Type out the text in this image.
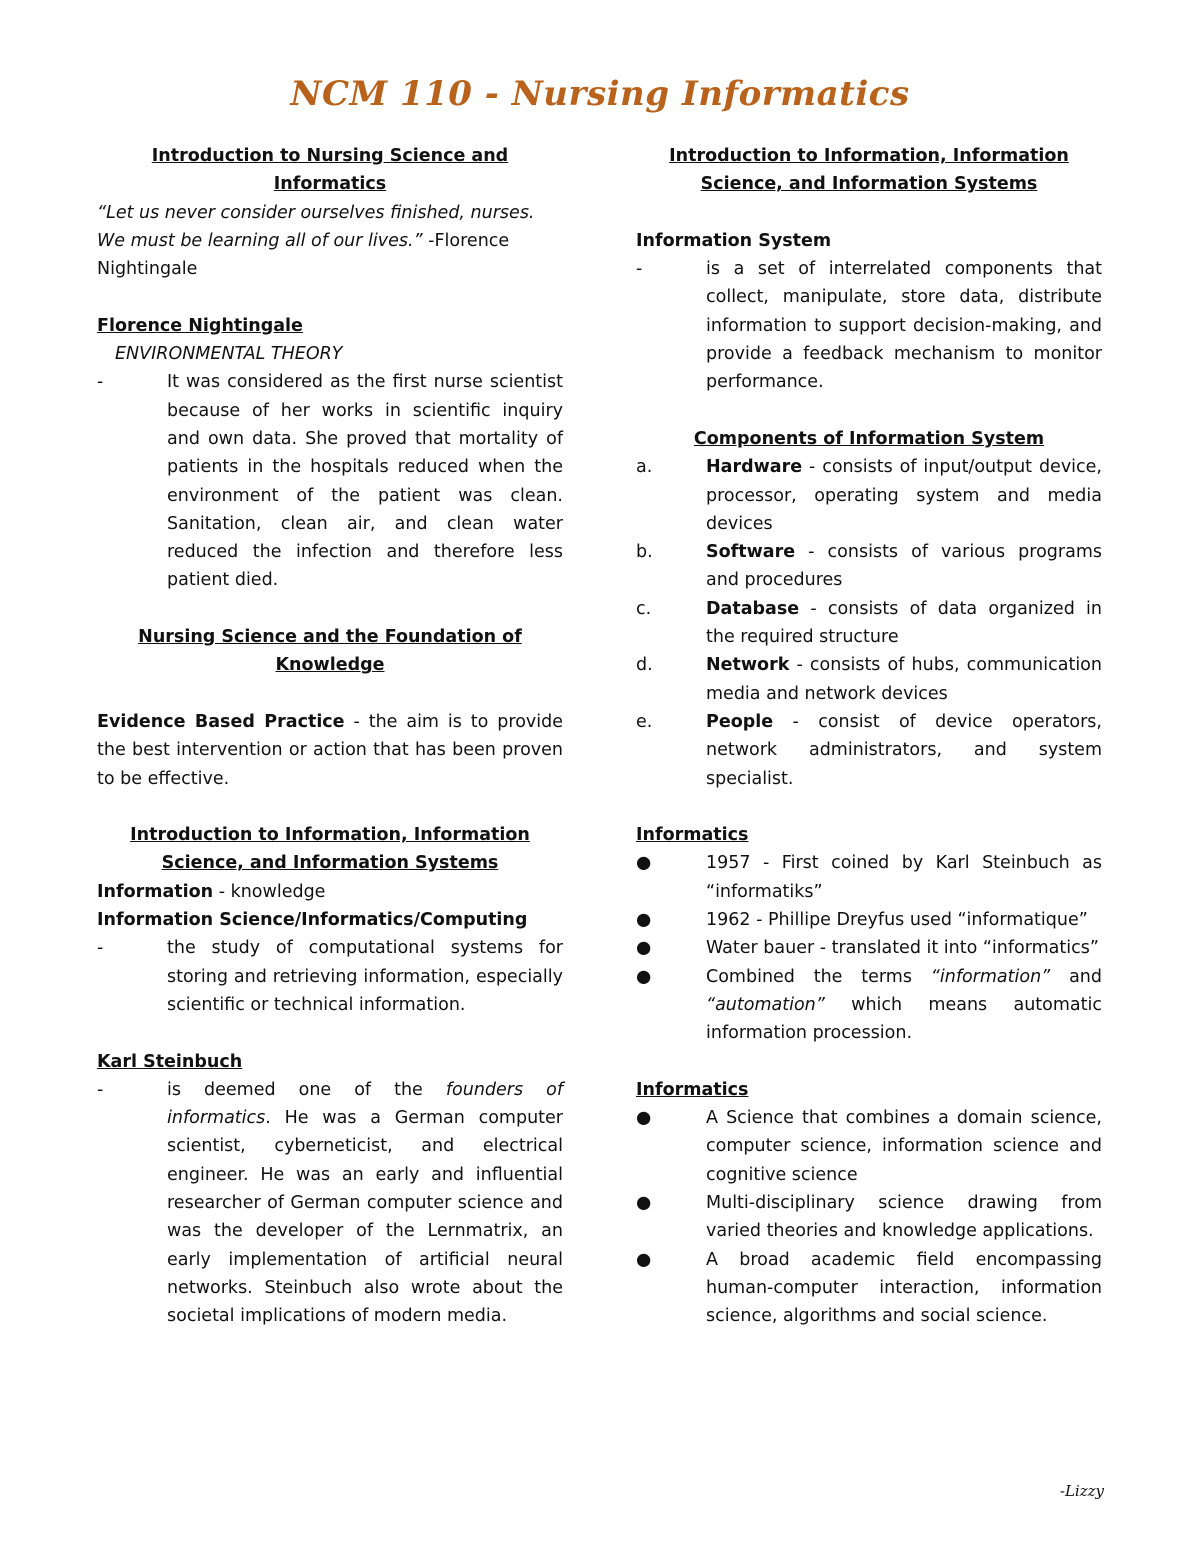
NCM 110 - Nursing Informatics

Introduction to Nursing Science and Informatics

“Let us never consider ourselves finished, nurses. We must be learning all of our lives.” -Florence Nightingale

Florence Nightingale

ENVIRONMENTAL THEORY

-	It was considered as the first nurse scientist because of her works in scientific inquiry and own data. She proved that mortality of patients in the hospitals reduced when the environment of the patient was clean. Sanitation, clean air, and clean water reduced the infection and therefore less patient died.

Nursing Science and the Foundation of Knowledge

Evidence Based Practice - the aim is to provide the best intervention or action that has been proven to be effective.

Introduction to Information, Information Science, and Information Systems

Information - knowledge

Information Science/Informatics/Computing

-	the study of computational systems for storing and retrieving information, especially scientific or technical information.

Karl Steinbuch

-	is deemed one of the founders of informatics. He was a German computer scientist, cyberneticist, and electrical engineer. He was an early and influential researcher of German computer science and was the developer of the Lernmatrix, an early implementation of artificial neural networks. Steinbuch also wrote about the societal implications of modern media.

Introduction to Information, Information Science, and Information Systems

Information System

-	is a set of interrelated components that collect, manipulate, store data, distribute information to support decision-making, and provide a feedback mechanism to monitor performance.

Components of Information System

a.	Hardware - consists of input/output device, processor, operating system and media devices
b.	Software - consists of various programs and procedures
c.	Database - consists of data organized in the required structure
d.	Network - consists of hubs, communication media and network devices
e.	People - consist of device operators, network administrators, and system specialist.

Informatics

●	1957 - First coined by Karl Steinbuch as “informatiks”
●	1962 - Phillipe Dreyfus used “informatique”
●	Water bauer - translated it into “informatics”
●	Combined the terms “information” and “automation” which means automatic information procession.

Informatics

●	A Science that combines a domain science, computer science, information science and cognitive science
●	Multi-disciplinary science drawing from varied theories and knowledge applications.
●	A broad academic field encompassing human-computer interaction, information science, algorithms and social science.
-Lizzy
